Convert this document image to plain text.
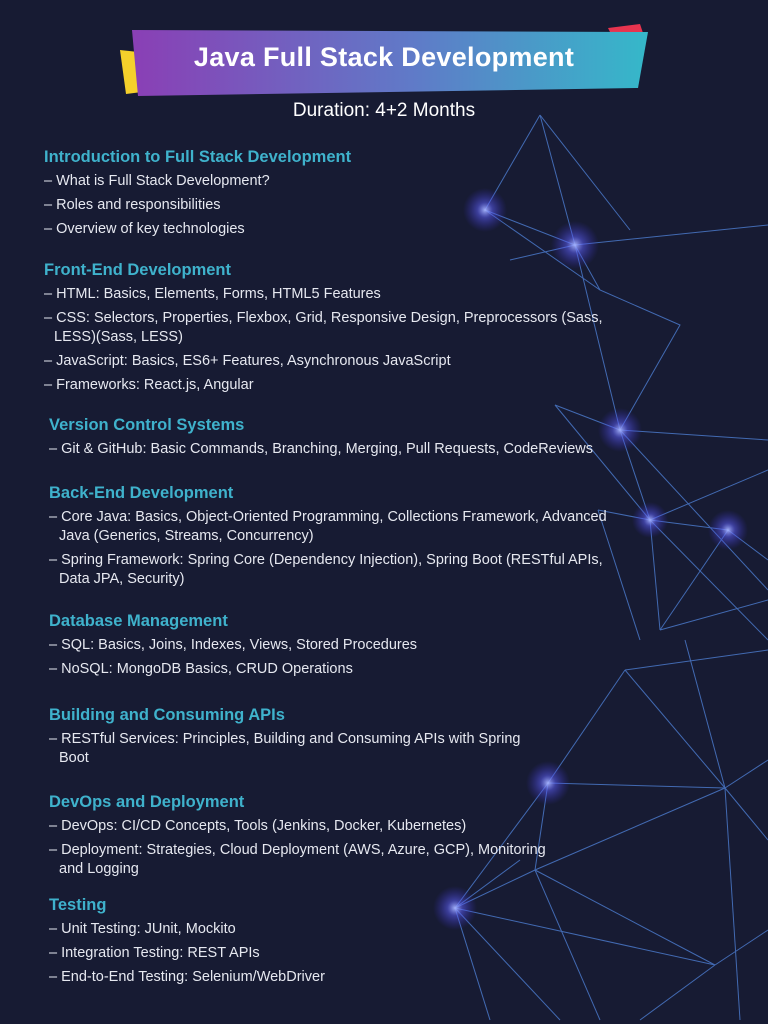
Java Full Stack Development
Duration: 4+2 Months
Introduction to Full Stack Development
– What is Full Stack Development?
– Roles and responsibilities
– Overview of key technologies
Front-End Development
– HTML: Basics, Elements, Forms, HTML5 Features
– CSS: Selectors, Properties, Flexbox, Grid, Responsive Design, Preprocessors (Sass, LESS)(Sass, LESS)
– JavaScript: Basics, ES6+ Features, Asynchronous JavaScript
– Frameworks: React.js, Angular
Version Control Systems
– Git & GitHub: Basic Commands, Branching, Merging, Pull Requests, CodeReviews
Back-End Development
– Core Java: Basics, Object-Oriented Programming, Collections Framework, Advanced Java (Generics, Streams, Concurrency)
– Spring Framework: Spring Core (Dependency Injection), Spring Boot (RESTful APIs, Data JPA, Security)
Database Management
– SQL: Basics, Joins, Indexes, Views, Stored Procedures
– NoSQL: MongoDB Basics, CRUD Operations
Building and Consuming APIs
– RESTful Services: Principles, Building and Consuming APIs with Spring Boot
DevOps and Deployment
– DevOps: CI/CD Concepts, Tools (Jenkins, Docker, Kubernetes)
– Deployment: Strategies, Cloud Deployment (AWS, Azure, GCP), Monitoring and Logging
Testing
– Unit Testing: JUnit, Mockito
– Integration Testing: REST APIs
– End-to-End Testing: Selenium/WebDriver
